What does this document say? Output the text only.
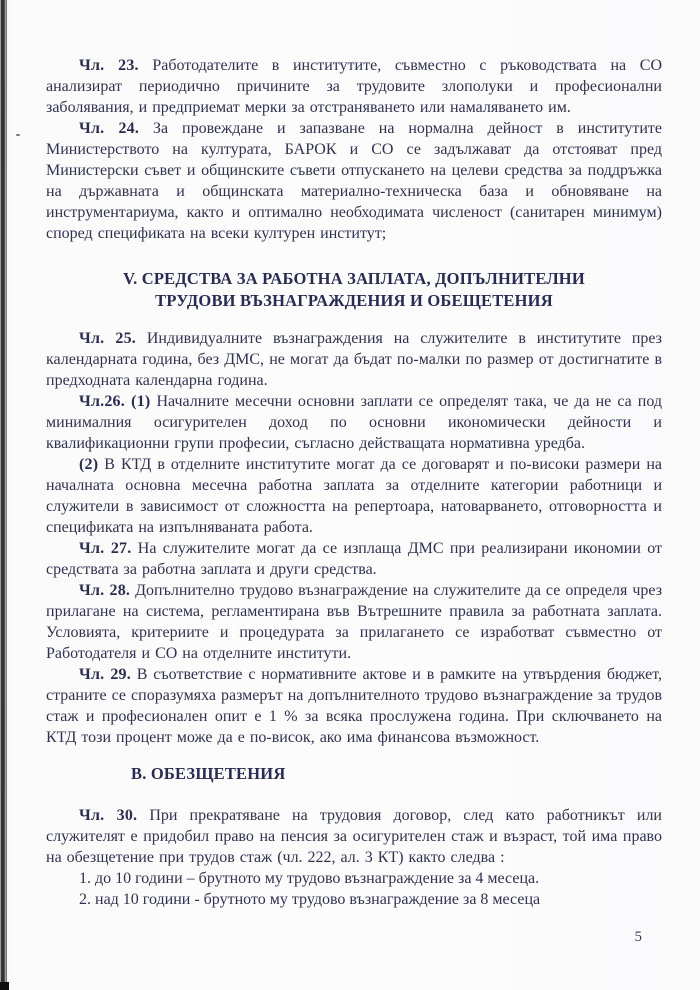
Чл. 23. Работодателите в институтите, съвместно с ръководствата на СО анализират периодично причините за трудовите злополуки и професионални заболявания, и предприемат мерки за отстраняването или намаляването им.

Чл. 24. За провеждане и запазване на нормална дейност в институтите Министерството на културата, БАРОК и СО се задължават да отстояват пред Министерски съвет и общинските съвети отпускането на целеви средства за поддръжка на държавната и общинската материално-техническа база и обновяване на инструментариума, както и оптимално необходимата численост (санитарен минимум) според спецификата на всеки културен институт;

V. СРЕДСТВА ЗА РАБОТНА ЗАПЛАТА, ДОПЪЛНИТЕЛНИ ТРУДОВИ ВЪЗНАГРАЖДЕНИЯ И ОБЕЩЕТЕНИЯ

Чл. 25. Индивидуалните възнаграждения на служителите в институтите през календарната година, без ДМС, не могат да бъдат по-малки по размер от достигнатите в предходната календарна година.

Чл.26. (1) Началните месечни основни заплати се определят така, че да не са под минималния осигурителен доход по основни икономически дейности и квалификационни групи професии, съгласно действащата нормативна уредба.

(2) В КТД в отделните институтите могат да се договарят и по-високи размери на началната основна месечна работна заплата за отделните категории работници и служители в зависимост от сложността на репертоара, натоварването, отговорността и спецификата на изпълняваната работа.

Чл. 27. На служителите могат да се изплаща ДМС при реализирани икономии от средствата за работна заплата и други средства.

Чл. 28. Допълнително трудово възнаграждение на служителите да се определя чрез прилагане на система, регламентирана във Вътрешните правила за работната заплата. Условията, критериите и процедурата за прилагането се изработват съвместно от Работодателя и СО на отделните институти.

Чл. 29. В съответствие с нормативните актове и в рамките на утвърдения бюджет, страните се споразумяха размерът на допълнителното трудово възнаграждение за трудов стаж и професионален опит е 1 % за всяка прослужена година. При сключването на КТД този процент може да е по-висок, ако има финансова възможност.

В. ОБЕЗЩЕТЕНИЯ

Чл. 30. При прекратяване на трудовия договор, след като работникът или служителят е придобил право на пенсия за осигурителен стаж и възраст, той има право на обезщетение при трудов стаж (чл. 222, ал. 3 КТ) както следва :

1. до 10 години – брутното му трудово възнаграждение за 4 месеца.

2. над 10 години - брутното му трудово възнаграждение за 8 месеца

5
